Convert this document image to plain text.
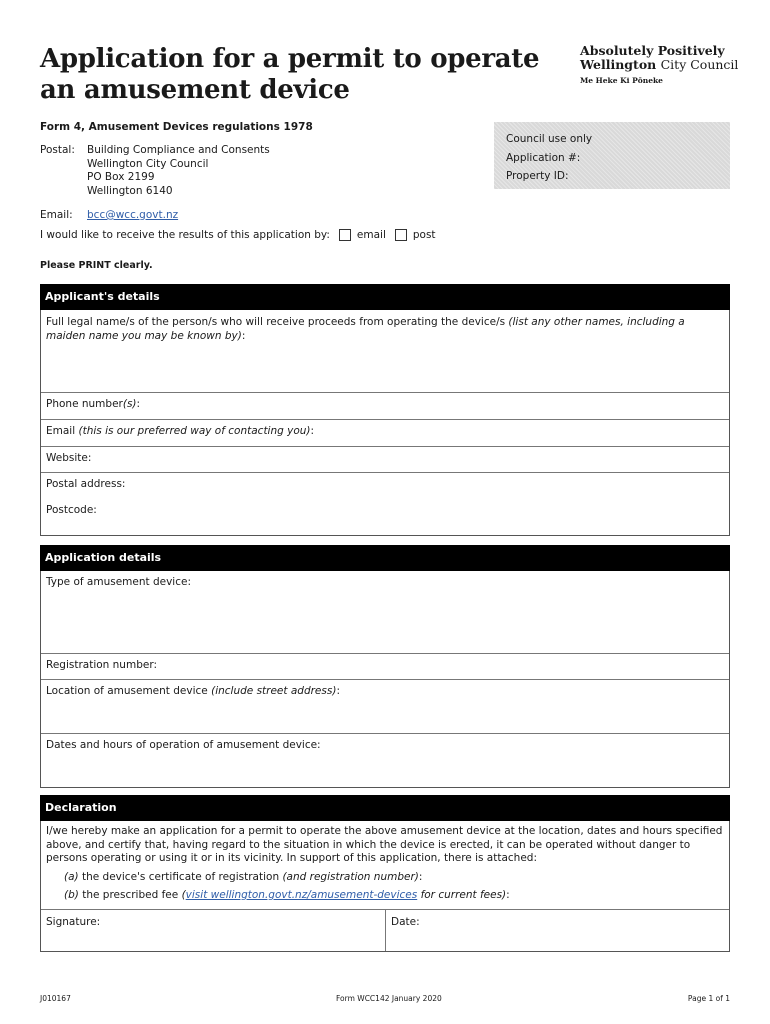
Application for a permit to operate an amusement device
Absolutely Positively
Wellington City Council
Me Heke Ki Pōneke
Form 4, Amusement Devices regulations 1978
Postal: Building Compliance and Consents
Wellington City Council
PO Box 2199
Wellington 6140
Email: bcc@wcc.govt.nz
I would like to receive the results of this application by:	email	post
Please PRINT clearly.
Council use only
Application #:
Property ID:
Applicant's details
Full legal name/s of the person/s who will receive proceeds from operating the device/s (list any other names, including a maiden name you may be known by):
Phone number(s):
Email (this is our preferred way of contacting you):
Website:
Postal address:
Postcode:
Application details
Type of amusement device:
Registration number:
Location of amusement device (include street address):
Dates and hours of operation of amusement device:
Declaration
I/we hereby make an application for a permit to operate the above amusement device at the location, dates and hours specified above, and certify that, having regard to the situation in which the device is erected, it can be operated without danger to persons operating or using it or in its vicinity. In support of this application, there is attached:
(a) the device's certificate of registration (and registration number):
(b) the prescribed fee (visit wellington.govt.nz/amusement-devices for current fees):
Signature:	Date:
J010167	Form WCC142 January 2020	Page 1 of 1
